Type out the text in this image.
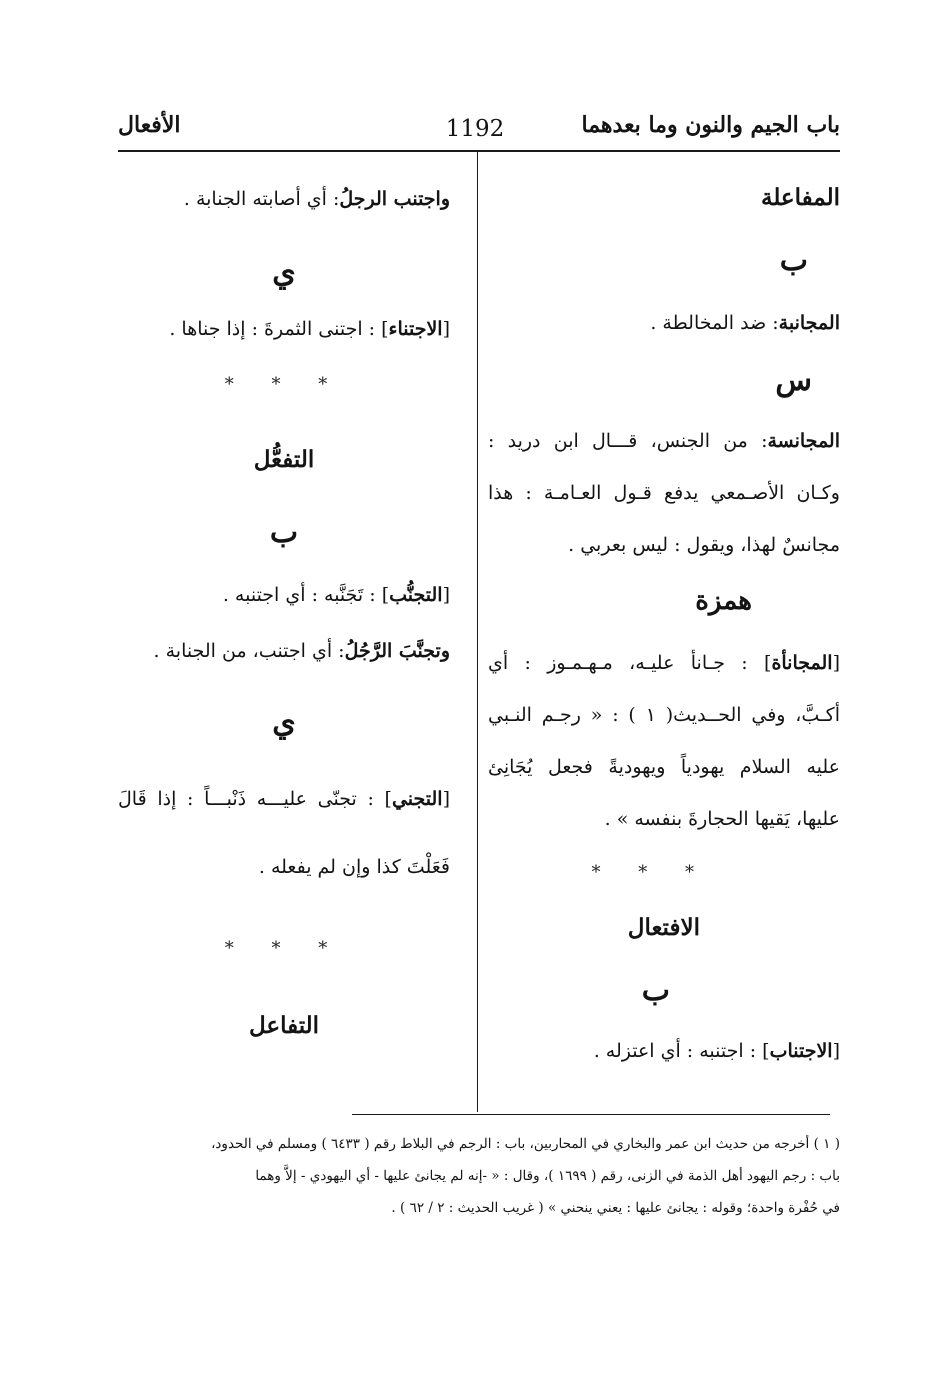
باب الجيم والنون وما بعدهما
1192
الأفعال
المفاعلة
ب
المجانبة: ضد المخالطة .
س
المجانسة: من الجنس، قـــال ابن دريد :
وكـان الأصـمعي يدفع قـول العـامـة : هذا
مجانسٌ لهذا، ويقول : ليس بعربي .
همزة
[المجانأة] : جـانأ عليـه، مـهـمـوز : أي
أكـبَّ، وفي الحــديث( ١ ) : « رجـم النـبي
عليه السلام يهودياً ويهوديةً فجعل يُجَانِئ
عليها، يَقيها الحجارةَ بنفسه » .
* * *
الافتعال
ب
[الاجتناب] : اجتنبه : أي اعتزله .
واجتنب الرجلُ: أي أصابته الجنابة .
ي
[الاجتناء] : اجتنى الثمرةَ : إذا جناها .
* * *
التفعُّل
ب
[التجنُّب] : تَجَنَّبه : أي اجتنبه .
وتجنَّبَ الرَّجُلُ: أي اجتنب، من الجنابة .
ي
[التجني] : تجنّى عليـــه ذَنْبـــاً : إذا قَالَ
فَعَلْتَ كذا وإن لم يفعله .
* * *
التفاعل
( ١ ) أخرجه من حديث ابن عمر والبخاري في المحاربين، باب : الرجم في البلاط رقم ( ٦٤٣٣ ) ومسلم في الحدود،
باب : رجم اليهود أهل الذمة في الزنى، رقم ( ١٦٩٩ )، وقال : « -إنه لم يجانئ عليها - أي اليهودي - إلاَّ وهما
في حُفْرة واحدة؛ وقوله : يجانئ عليها : يعني ينحني » ( غريب الحديث : ٢ / ٦٢ ) .
